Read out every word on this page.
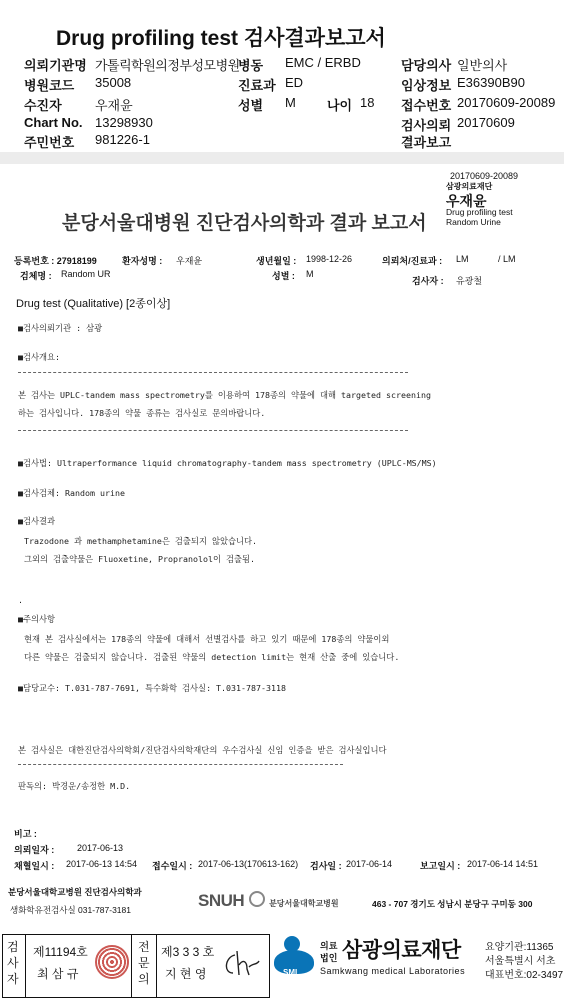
Drug profiling test 검사결과보고서
의뢰기관명 가톨릭학원의정부성모병원
병동 EMC / ERBD	담당의사 일반의사
병원코드 35008	진료과 ED	임상정보 E36390B90
수진자	우재윤	성별 M 나이 18 접수번호 20170609-20089
Chart No. 13298930	검사의뢰 20170609
주민번호 981226-1	결과보고
20170609-20089
삼광의료재단
우재윤
Drug profiling test
Random Urine
분당서울대병원 진단검사의학과 결과 보고서
등록번호 : 27918199	환자성명 : 우재윤	생년월일 : 1998-12-26	의뢰처/진료과 : LM	/ LM
검체명 : Random UR	성별 : M
검사자 : 유광철
Drug test (Qualitative) [2종이상]
■검사의뢰기관 : 삼광
■검사개요:
본 검사는 UPLC-tandem mass spectrometry를 이용하여 178종의 약물에 대해 targeted screening
하는 검사입니다. 178종의 약물 종류는 검사실로 문의바랍니다.
■검사법: Ultraperformance liquid chromatography-tandem mass spectrometry (UPLC-MS/MS)
■검사검체: Random urine
■검사결과
Trazodone 과 methamphetamine은 검출되지 않았습니다.
그외의 검출약물은 Fluoxetine, Propranolol이 검출됨.
.
■주의사항
현재 본 검사실에서는 178종의 약물에 대해서 선별검사를 하고 있기 때문에 178종의 약물이외
다른 약물은 검출되지 않습니다. 검출된 약물의 detection limit는 현재 산출 중에 있습니다.
■담당교수: T.031-787-7691, 특수화학 검사실: T.031-787-3118
본 검사실은 대한진단검사의학회/진단검사의학재단의 우수검사실 신임 인증을 받은 검사실입니다
판독의: 박경운/송정한 M.D.
비고 :
의뢰일자 :	2017-06-13
채혈일시 : 2017-06-13 14:54 접수일시 : 2017-06-13(170613-162) 검사일 : 2017-06-14	보고일시 : 2017-06-14 14:51
분당서울대학교병원 진단검사의학과
생화학유전검사실 031-787-3181	SNUH	분당서울대학교병원	463 - 707 경기도 성남시 분당구 구미동 300
검사자
제11194호
최 삼 규
전문의
제3 3 3 호
지 현 영	SML
의료
법인 삼광의료재단
Samkwang medical Laboratories
요양기관:11365
서울특별시 서초
대표번호:02-3497
